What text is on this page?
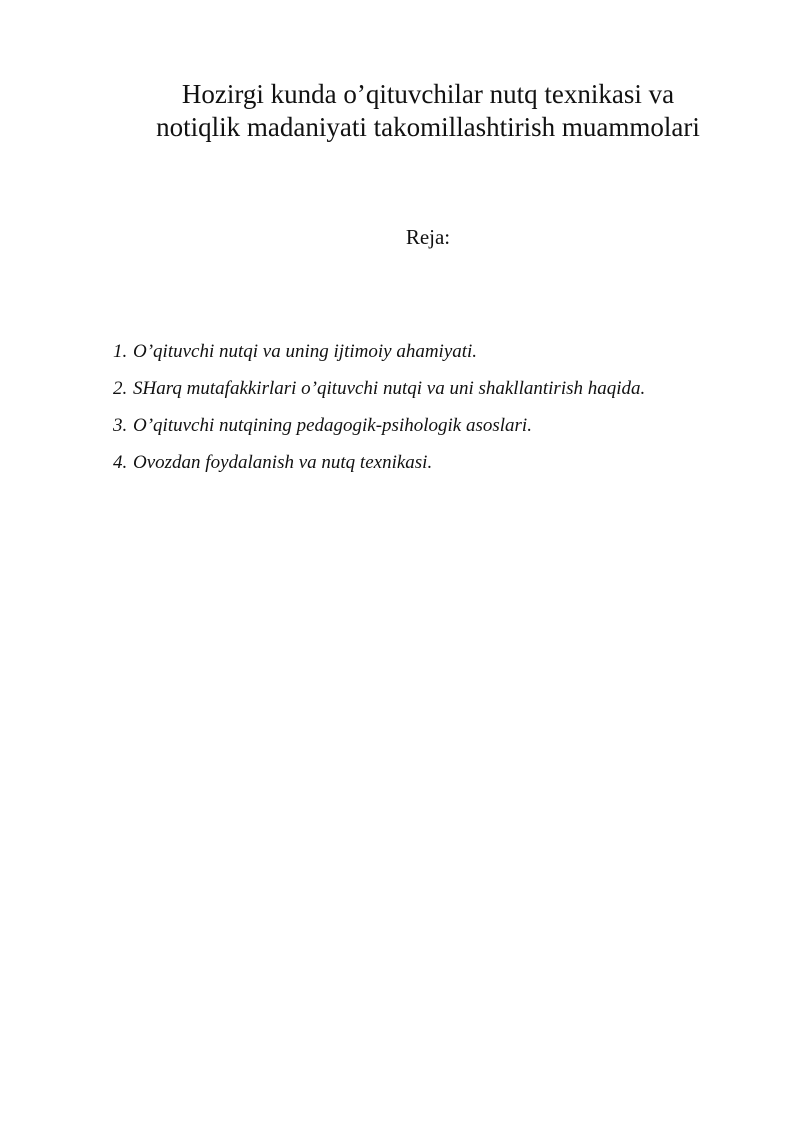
Hozirgi kunda o’qituvchilar nutq texnikasi va
notiqlik madaniyati takomillashtirish muammolari
Reja:
1. O’qituvchi nutqi va uning ijtimoiy ahamiyati.
2. SHarq mutafakkirlari o’qituvchi nutqi va uni shakllantirish haqida.
3. O’qituvchi nutqining pedagogik-psihologik asoslari.
4. Ovozdan foydalanish va nutq texnikasi.
